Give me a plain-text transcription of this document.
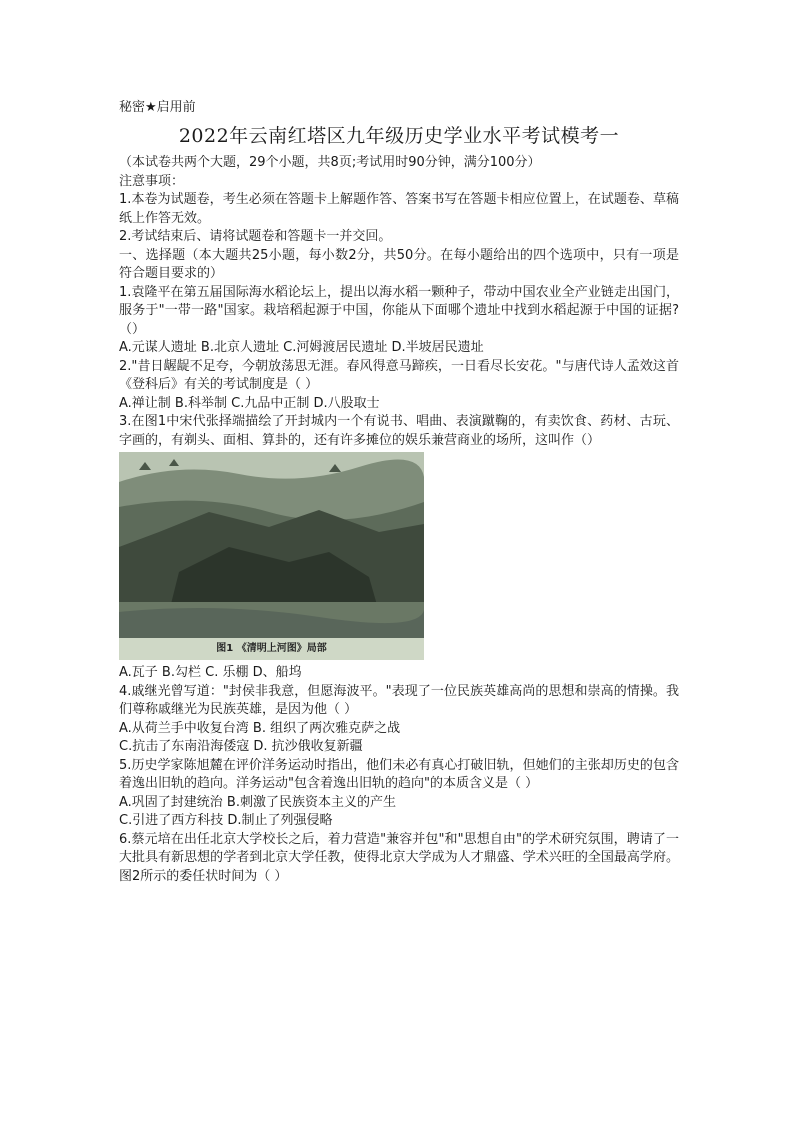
秘密★启用前
2022年云南红塔区九年级历史学业水平考试模考一
（本试卷共两个大题，29个小题，共8页;考试用时90分钟，满分100分）
注意事项：
1.本卷为试题卷，考生必须在答题卡上解题作答、答案书写在答题卡相应位置上，在试题卷、草稿纸上作答无效。
2.考试结束后、请将试题卷和答题卡一并交回。
一、选择题（本大题共25小题，每小数2分，共50分。在每小题给出的四个选项中，只有一项是符合题目要求的）
1.袁隆平在第五届国际海水稻论坛上，提出以海水稻一颗种子，带动中国农业全产业链走出国门，服务于"一带一路"国家。栽培稻起源于中国，你能从下面哪个遗址中找到水稻起源于中国的证据?（）
A.元谋人遗址 B.北京人遗址 C.河姆渡居民遗址 D.半坡居民遗址
2."昔日龌龊不足夸，今朝放荡思无涯。春风得意马蹄疾，一日看尽长安花。"与唐代诗人孟效这首《登科后》有关的考试制度是（ ）
A.禅让制 B.科举制 C.九品中正制 D.八股取士
3.在图1中宋代张择端描绘了开封城内一个有说书、唱曲、表演蹴鞠的，有卖饮食、药材、古玩、字画的，有剃头、面相、算卦的，还有许多摊位的娱乐兼营商业的场所，这叫作（）
图1 《清明上河图》局部
A.瓦子 B.勾栏 C. 乐棚 D、船坞
4.戚继光曾写道："封侯非我意，但愿海波平。"表现了一位民族英雄高尚的思想和崇高的情操。我们尊称戚继光为民族英雄，是因为他（ ）
A.从荷兰手中收复台湾 B. 组织了两次雅克萨之战
C.抗击了东南沿海倭寇 D. 抗沙俄收复新疆
5.历史学家陈旭麓在评价洋务运动时指出，他们未必有真心打破旧轨，但她们的主张却历史的包含着逸出旧轨的趋向。洋务运动"包含着逸出旧轨的趋向"的本质含义是（ ）
A.巩固了封建统治 B.刺激了民族资本主义的产生
C.引进了西方科技 D.制止了列强侵略
6.蔡元培在出任北京大学校长之后，着力营造"兼容并包"和"思想自由"的学术研究氛围，聘请了一大批具有新思想的学者到北京大学任教，使得北京大学成为人才鼎盛、学术兴旺的全国最高学府。图2所示的委任状时间为（ ）
